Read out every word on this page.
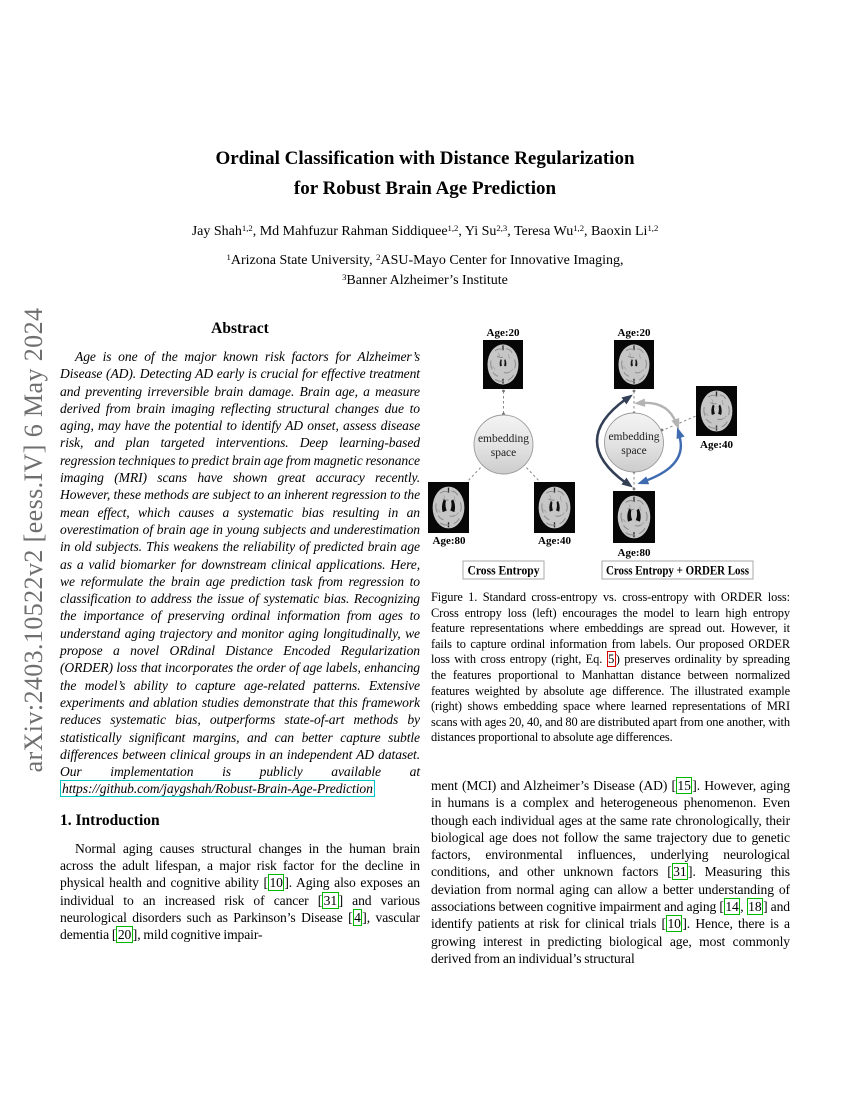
arXiv:2403.10522v2 [eess.IV] 6 May 2024
Ordinal Classification with Distance Regularization
for Robust Brain Age Prediction
Jay Shah$^{1,2}$, Md Mahfuzur Rahman Siddiquee$^{1,2}$, Yi Su$^{2,3}$, Teresa Wu$^{1,2}$, Baoxin Li$^{1,2}$
$^1$Arizona State University, $^2$ASU-Mayo Center for Innovative Imaging,
$^3$Banner Alzheimer’s Institute
Abstract

Age is one of the major known risk factors for Alzheimer’s Disease (AD). Detecting AD early is crucial for effective treatment and preventing irreversible brain damage. Brain age, a measure derived from brain imaging reflecting structural changes due to aging, may have the potential to identify AD onset, assess disease risk, and plan targeted interventions. Deep learning-based regression techniques to predict brain age from magnetic resonance imaging (MRI) scans have shown great accuracy recently. However, these methods are subject to an inherent regression to the mean effect, which causes a systematic bias resulting in an overestimation of brain age in young subjects and underestimation in old subjects. This weakens the reliability of predicted brain age as a valid biomarker for downstream clinical applications. Here, we reformulate the brain age prediction task from regression to classification to address the issue of systematic bias. Recognizing the importance of preserving ordinal information from ages to understand aging trajectory and monitor aging longitudinally, we propose a novel ORdinal Distance Encoded Regularization (ORDER) loss that incorporates the order of age labels, enhancing the model’s ability to capture age-related patterns. Extensive experiments and ablation studies demonstrate that this framework reduces systematic bias, outperforms state-of-art methods by statistically significant margins, and can better capture subtle differences between clinical groups in an independent AD dataset. Our implementation is publicly available at https://github.com/jaygshah/Robust-Brain-Age-Prediction

1. Introduction

Normal aging causes structural changes in the human brain across the adult lifespan, a major risk factor for the decline in physical health and cognitive ability [ 10 ]. Aging also exposes an individual to an increased risk of cancer [ 31 ] and various neurological disorders such as Parkinson’s Disease [ 4 ], vascular dementia [ 20 ], mild cognitive impair-

Age:20
embedding
space
Age:80	Age:40
Cross Entropy
Age:20
embedding
space	Age:40
Age:80
Cross Entropy + ORDER Loss
Figure 1. Standard cross-entropy vs. cross-entropy with ORDER loss: Cross entropy loss (left) encourages the model to learn high entropy feature representations where embeddings are spread out. However, it fails to capture ordinal information from labels. Our proposed ORDER loss with cross entropy (right, Eq. 5 ) preserves ordinality by spreading the features proportional to Manhattan distance between normalized features weighted by absolute age difference. The illustrated example (right) shows embedding space where learned representations of MRI scans with ages 20, 40, and 80 are distributed apart from one another, with distances proportional to absolute age differences.

ment (MCI) and Alzheimer’s Disease (AD) [ 15 ]. However, aging in humans is a complex and heterogeneous phenomenon. Even though each individual ages at the same rate chronologically, their biological age does not follow the same trajectory due to genetic factors, environmental influences, underlying neurological conditions, and other unknown factors [ 31 ]. Measuring this deviation from normal aging can allow a better understanding of associations between cognitive impairment and aging [ 14 , 18 ] and identify patients at risk for clinical trials [ 10 ]. Hence, there is a growing interest in predicting biological age, most commonly derived from an individual’s structural
